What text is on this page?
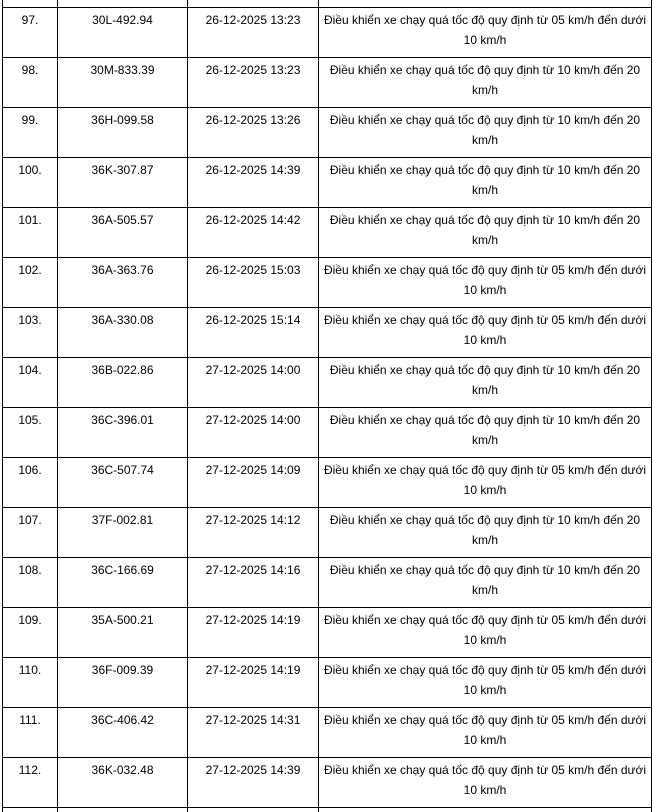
97.	30L-492.94	26-12-2025 13:23	Điều khiển xe chạy quá tốc độ quy định từ 05 km/h đến dưới 10 km/h
98.	30M-833.39	26-12-2025 13:23	Điều khiển xe chạy quá tốc độ quy định từ 10 km/h đến 20 km/h
99.	36H-099.58	26-12-2025 13:26	Điều khiển xe chạy quá tốc độ quy định từ 10 km/h đến 20 km/h
100.	36K-307.87	26-12-2025 14:39	Điều khiển xe chạy quá tốc độ quy định từ 10 km/h đến 20 km/h
101.	36A-505.57	26-12-2025 14:42	Điều khiển xe chạy quá tốc độ quy định từ 10 km/h đến 20 km/h
102.	36A-363.76	26-12-2025 15:03	Điều khiển xe chạy quá tốc độ quy định từ 05 km/h đến dưới 10 km/h
103.	36A-330.08	26-12-2025 15:14	Điều khiển xe chạy quá tốc độ quy định từ 05 km/h đến dưới 10 km/h
104.	36B-022.86	27-12-2025 14:00	Điều khiển xe chạy quá tốc độ quy định từ 10 km/h đến 20 km/h
105.	36C-396.01	27-12-2025 14:00	Điều khiển xe chạy quá tốc độ quy định từ 10 km/h đến 20 km/h
106.	36C-507.74	27-12-2025 14:09	Điều khiển xe chạy quá tốc độ quy định từ 05 km/h đến dưới 10 km/h
107.	37F-002.81	27-12-2025 14:12	Điều khiển xe chạy quá tốc độ quy định từ 10 km/h đến 20 km/h
108.	36C-166.69	27-12-2025 14:16	Điều khiển xe chạy quá tốc độ quy định từ 10 km/h đến 20 km/h
109.	35A-500.21	27-12-2025 14:19	Điều khiển xe chạy quá tốc độ quy định từ 05 km/h đến dưới 10 km/h
110.	36F-009.39	27-12-2025 14:19	Điều khiển xe chạy quá tốc độ quy định từ 05 km/h đến dưới 10 km/h
111.	36C-406.42	27-12-2025 14:31	Điều khiển xe chạy quá tốc độ quy định từ 05 km/h đến dưới 10 km/h
112.	36K-032.48	27-12-2025 14:39	Điều khiển xe chạy quá tốc độ quy định từ 05 km/h đến dưới 10 km/h
